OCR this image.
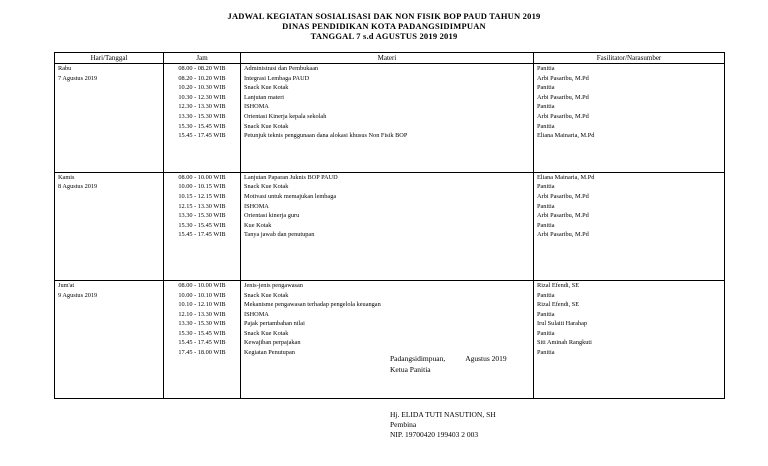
JADWAL KEGIATAN SOSIALISASI DAK NON FISIK BOP PAUD TAHUN 2019
DINAS PENDIDIKAN KOTA PADANGSIDIMPUAN
TANGGAL 7 s.d AGUSTUS 2019 2019
Hari/Tanggal	Jam	Materi	Fasilitator/Narasumber
Rabu	08.00 - 08.20 WIB	Administrasi dan Pembukaan	Panitia
7 Agustus 2019	08.20 - 10.20 WIB	Integrasi Lembaga PAUD	Arbi Pasaribu, M.Pd
	10.20 - 10.30 WIB	Snack Kue Kotak	Panitia
	10.30 - 12.30 WIB	Lanjutan materi	Arbi Pasaribu, M.Pd
	12.30 - 13.30 WIB	ISHOMA	Panitia
	13.30 - 15.30 WIB	Orientasi Kinerja kepala sekolah	Arbi Pasaribu, M.Pd
	15.30 - 15.45 WIB	Snack Kue Kotak	Panitia
	15.45 - 17.45 WIB	Petunjuk teknis penggunaan dana alokasi khusus Non Fisik BOP	Eliana Mainaria, M.Pd

Kamis	08.00 - 10.00 WIB	Lanjutan Paparan Juknis BOP PAUD	Eliana Mainaria, M.Pd
8 Agustus 2019	10.00 - 10.15 WIB	Snack Kue Kotak	Panitia
	10.15 - 12.15 WIB	Motivasi untuk memajukan lembaga	Arbi Pasaribu, M.Pd
	12.15 - 13.30 WIB	ISHOMA	Panitia
	13.30 - 15.30 WIB	Orientasi kinerja guru	Arbi Pasaribu, M.Pd
	15.30 - 15.45 WIB	Kue Kotak	Panitia
	15.45 - 17.45 WIB	Tanya jawab dan penutupan	Arbi Pasaribu, M.Pd

Jum'at	08.00 - 10.00 WIB	Jenis-jenis pengawasan	Rizal Efendi, SE
9 Agustus 2019	10.00 - 10.10 WIB	Snack Kue Kotak	Panitia
	10.10 - 12.10 WIB	Mekanisme pengawasan terhadap pengelola keuangan	Rizal Efendi, SE
	12.10 - 13.30 WIB	ISHOMA	Panitia
	13.30 - 15.30 WIB	Pajak pertambahan nilai	Irul Sulaiti Harahap
	15.30 - 15.45 WIB	Snack Kue Kotak	Panitia
	15.45 - 17.45 WIB	Kewajiban perpajakan	Siti Aminah Rangkuti
	17.45 - 18.00 WIB	Kegiatan Penutupan	Panitia

Padangsidimpuan,	Agustus 2019
Ketua Panitia
Hj. ELIDA TUTI NASUTION, SH
Pembina
NIP. 19700420 199403 2 003
